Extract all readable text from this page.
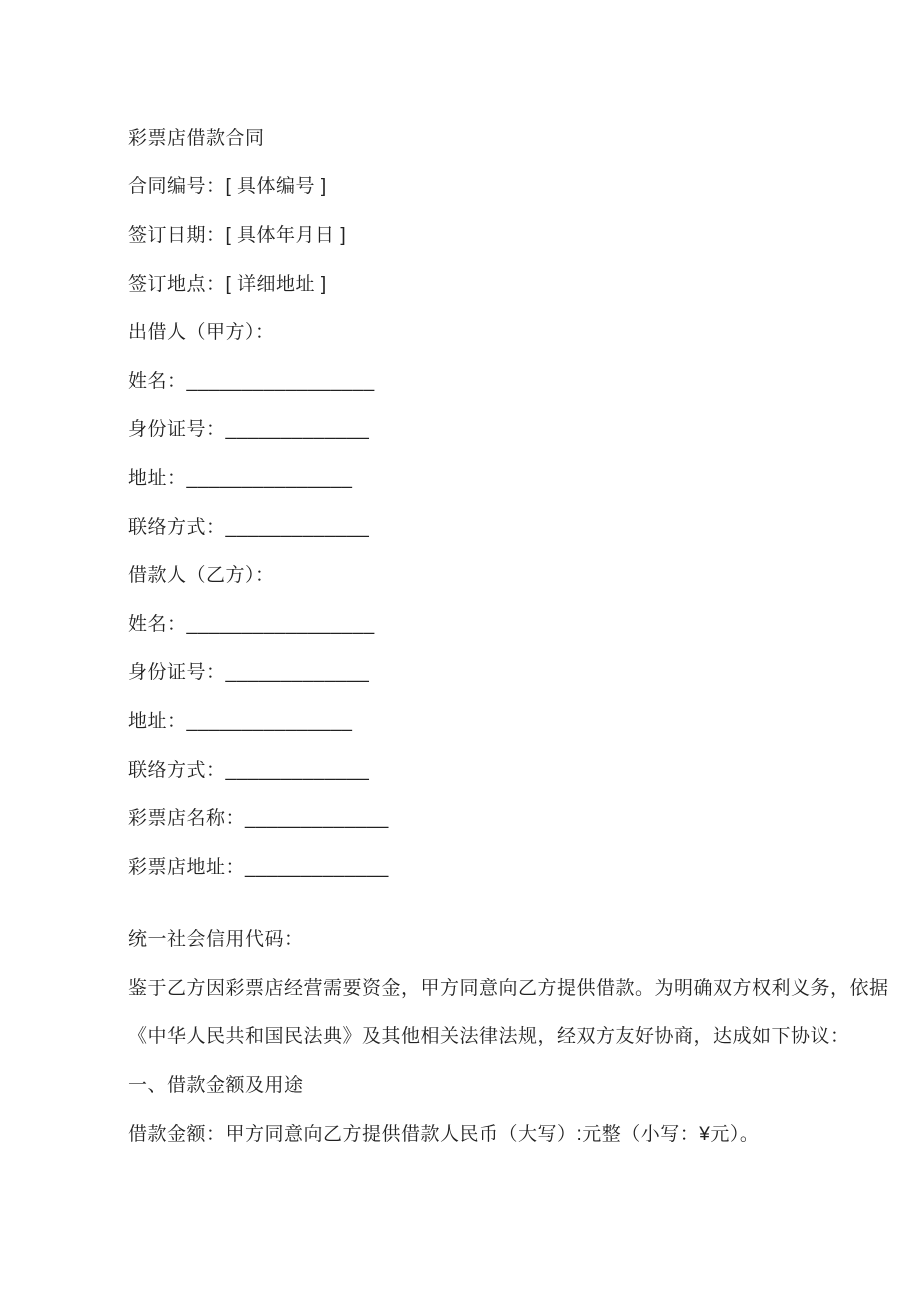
彩票店借款合同
合同编号：[ 具体编号 ]
签订日期：[ 具体年月日 ]
签订地点：[ 详细地址 ]
出借人（甲方）：
姓名：_________________
身份证号：_____________
地址：_______________
联络方式：_____________
借款人（乙方）：
姓名：_________________
身份证号：_____________
地址：_______________
联络方式：_____________
彩票店名称：_____________
彩票店地址：_____________
统一社会信用代码：
鉴于乙方因彩票店经营需要资金，甲方同意向乙方提供借款。为明确双方权利义务，依据
《中华人民共和国民法典》及其他相关法律法规，经双方友好协商，达成如下协议：
一、借款金额及用途
借款金额：甲方同意向乙方提供借款人民币（大写）:元整（小写：¥元）。
